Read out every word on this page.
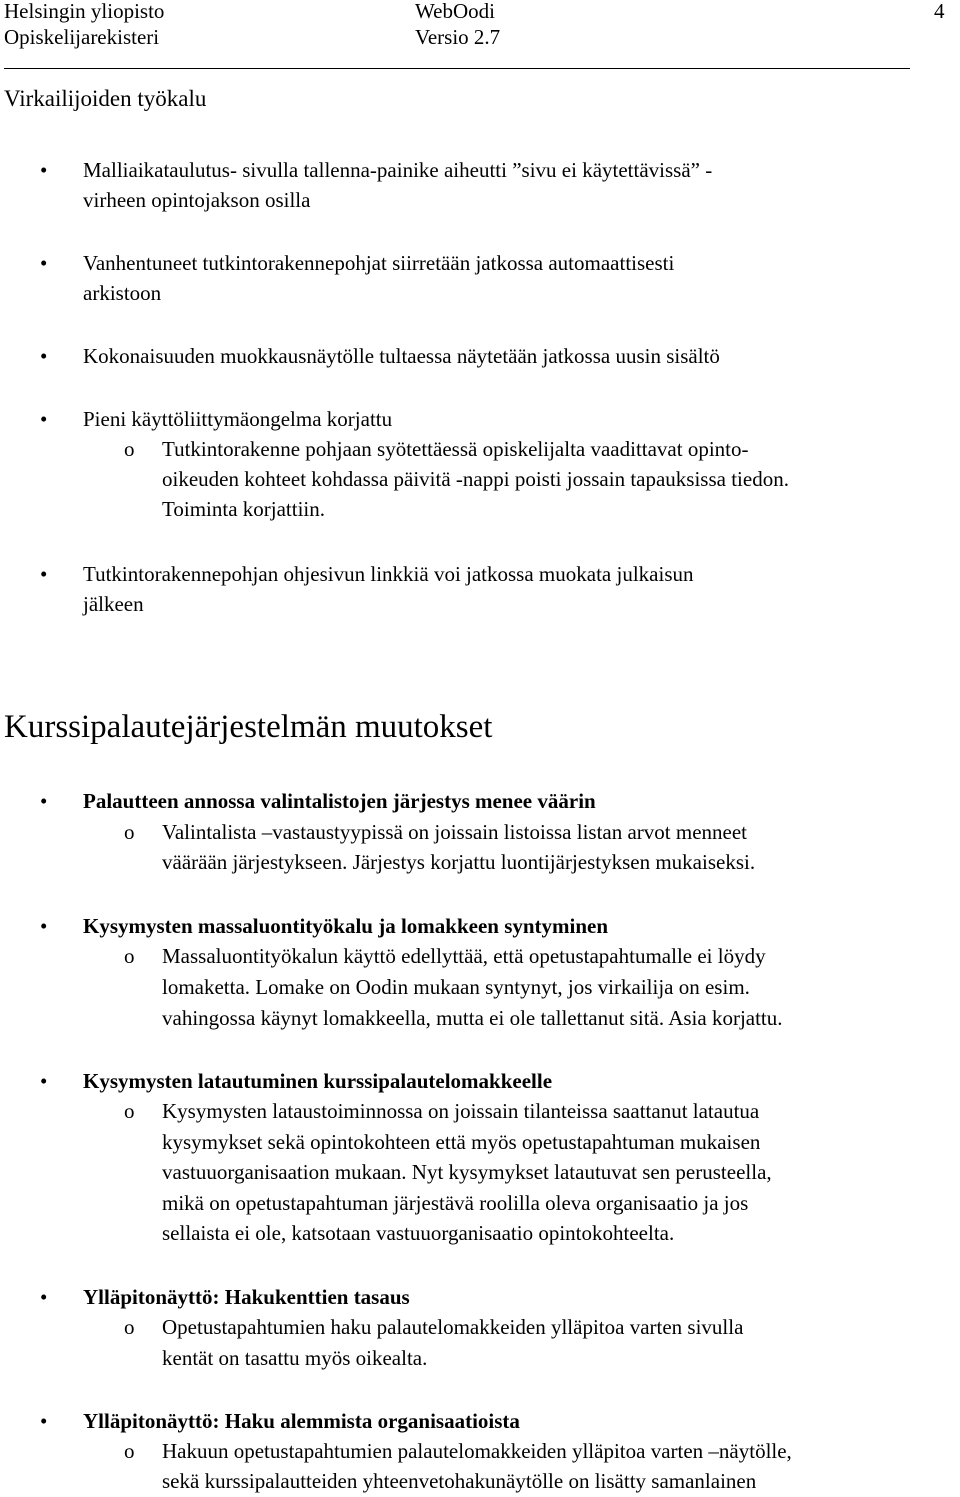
Helsingin yliopisto	WebOodi	4
Opiskelijarekisteri	Versio 2.7
Virkailijoiden työkalu
• Malliaikataulutus- sivulla tallenna-painike aiheutti ”sivu ei käytettävissä” -
virheen opintojakson osilla
• Vanhentuneet tutkintorakennepohjat siirretään jatkossa automaattisesti
arkistoon
• Kokonaisuuden muokkausnäytölle tultaessa näytetään jatkossa uusin sisältö
• Pieni käyttöliittymäongelma korjattu
o Tutkintorakenne pohjaan syötettäessä opiskelijalta vaadittavat opinto-
oikeuden kohteet kohdassa päivitä -nappi poisti jossain tapauksissa tiedon.
Toiminta korjattiin.
• Tutkintorakennepohjan ohjesivun linkkiä voi jatkossa muokata julkaisun
jälkeen
Kurssipalautejärjestelmän muutokset
• Palautteen annossa valintalistojen järjestys menee väärin
o Valintalista –vastaustyypissä on joissain listoissa listan arvot menneet
väärään järjestykseen. Järjestys korjattu luontijärjestyksen mukaiseksi.
• Kysymysten massaluontityökalu ja lomakkeen syntyminen
o Massaluontityökalun käyttö edellyttää, että opetustapahtumalle ei löydy
lomaketta. Lomake on Oodin mukaan syntynyt, jos virkailija on esim.
vahingossa käynyt lomakkeella, mutta ei ole tallettanut sitä. Asia korjattu.
• Kysymysten latautuminen kurssipalautelomakkeelle
o Kysymysten lataustoiminnossa on joissain tilanteissa saattanut latautua
kysymykset sekä opintokohteen että myös opetustapahtuman mukaisen
vastuuorganisaation mukaan. Nyt kysymykset latautuvat sen perusteella,
mikä on opetustapahtuman järjestävä roolilla oleva organisaatio ja jos
sellaista ei ole, katsotaan vastuuorganisaatio opintokohteelta.
• Ylläpitonäyttö: Hakukenttien tasaus
o Opetustapahtumien haku palautelomakkeiden ylläpitoa varten sivulla
kentät on tasattu myös oikealta.
• Ylläpitonäyttö: Haku alemmista organisaatioista
o Hakuun opetustapahtumien palautelomakkeiden ylläpitoa varten –näytölle,
sekä kurssipalautteiden yhteenvetohakunäytölle on lisätty samanlainen
